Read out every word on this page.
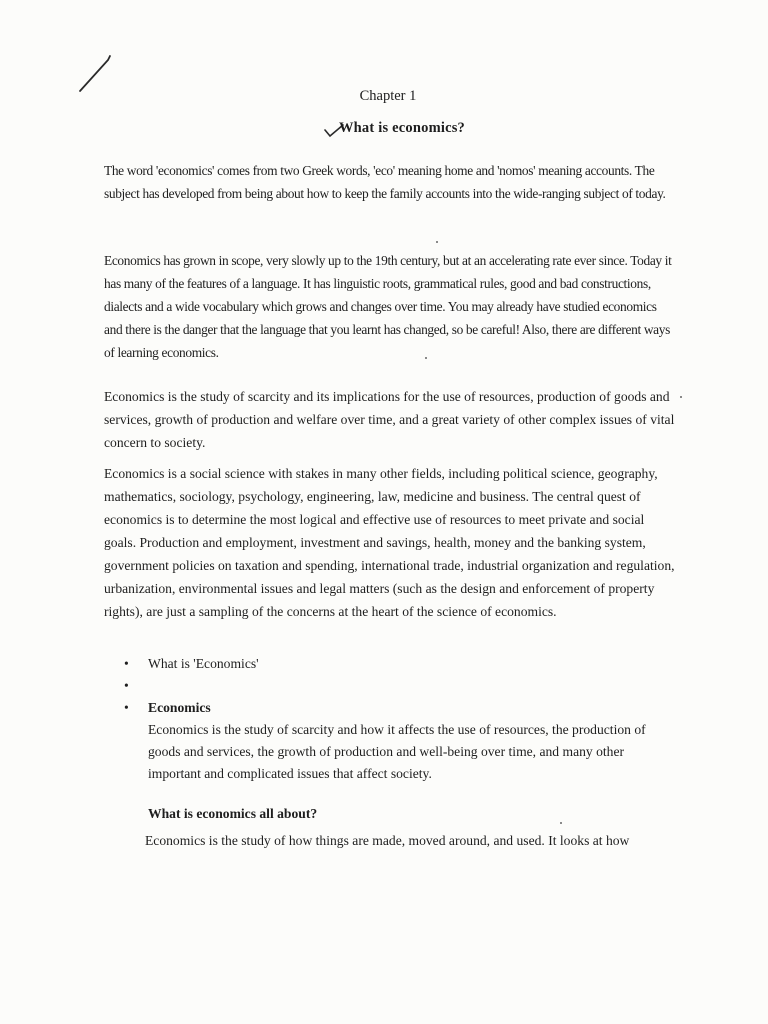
Chapter 1
What is economics?

The word 'economics' comes from two Greek words, 'eco' meaning home and 'nomos' meaning accounts. The subject has developed from being about how to keep the family accounts into the wide-ranging subject of today.

Economics has grown in scope, very slowly up to the 19th century, but at an accelerating rate ever since. Today it has many of the features of a language. It has linguistic roots, grammatical rules, good and bad constructions, dialects and a wide vocabulary which grows and changes over time. You may already have studied economics and there is the danger that the language that you learnt has changed, so be careful! Also, there are different ways of learning economics.

Economics is the study of scarcity and its implications for the use of resources, production of goods and services, growth of production and welfare over time, and a great variety of other complex issues of vital concern to society.

Economics is a social science with stakes in many other fields, including political science, geography, mathematics, sociology, psychology, engineering, law, medicine and business. The central quest of economics is to determine the most logical and effective use of resources to meet private and social goals. Production and employment, investment and savings, health, money and the banking system, government policies on taxation and spending, international trade, industrial organization and regulation, urbanization, environmental issues and legal matters (such as the design and enforcement of property rights), are just a sampling of the concerns at the heart of the science of economics.

• What is 'Economics'
•
• Economics
Economics is the study of scarcity and how it affects the use of resources, the production of goods and services, the growth of production and well-being over time, and many other important and complicated issues that affect society.
What is economics all about?
Economics is the study of how things are made, moved around, and used. It looks at how
